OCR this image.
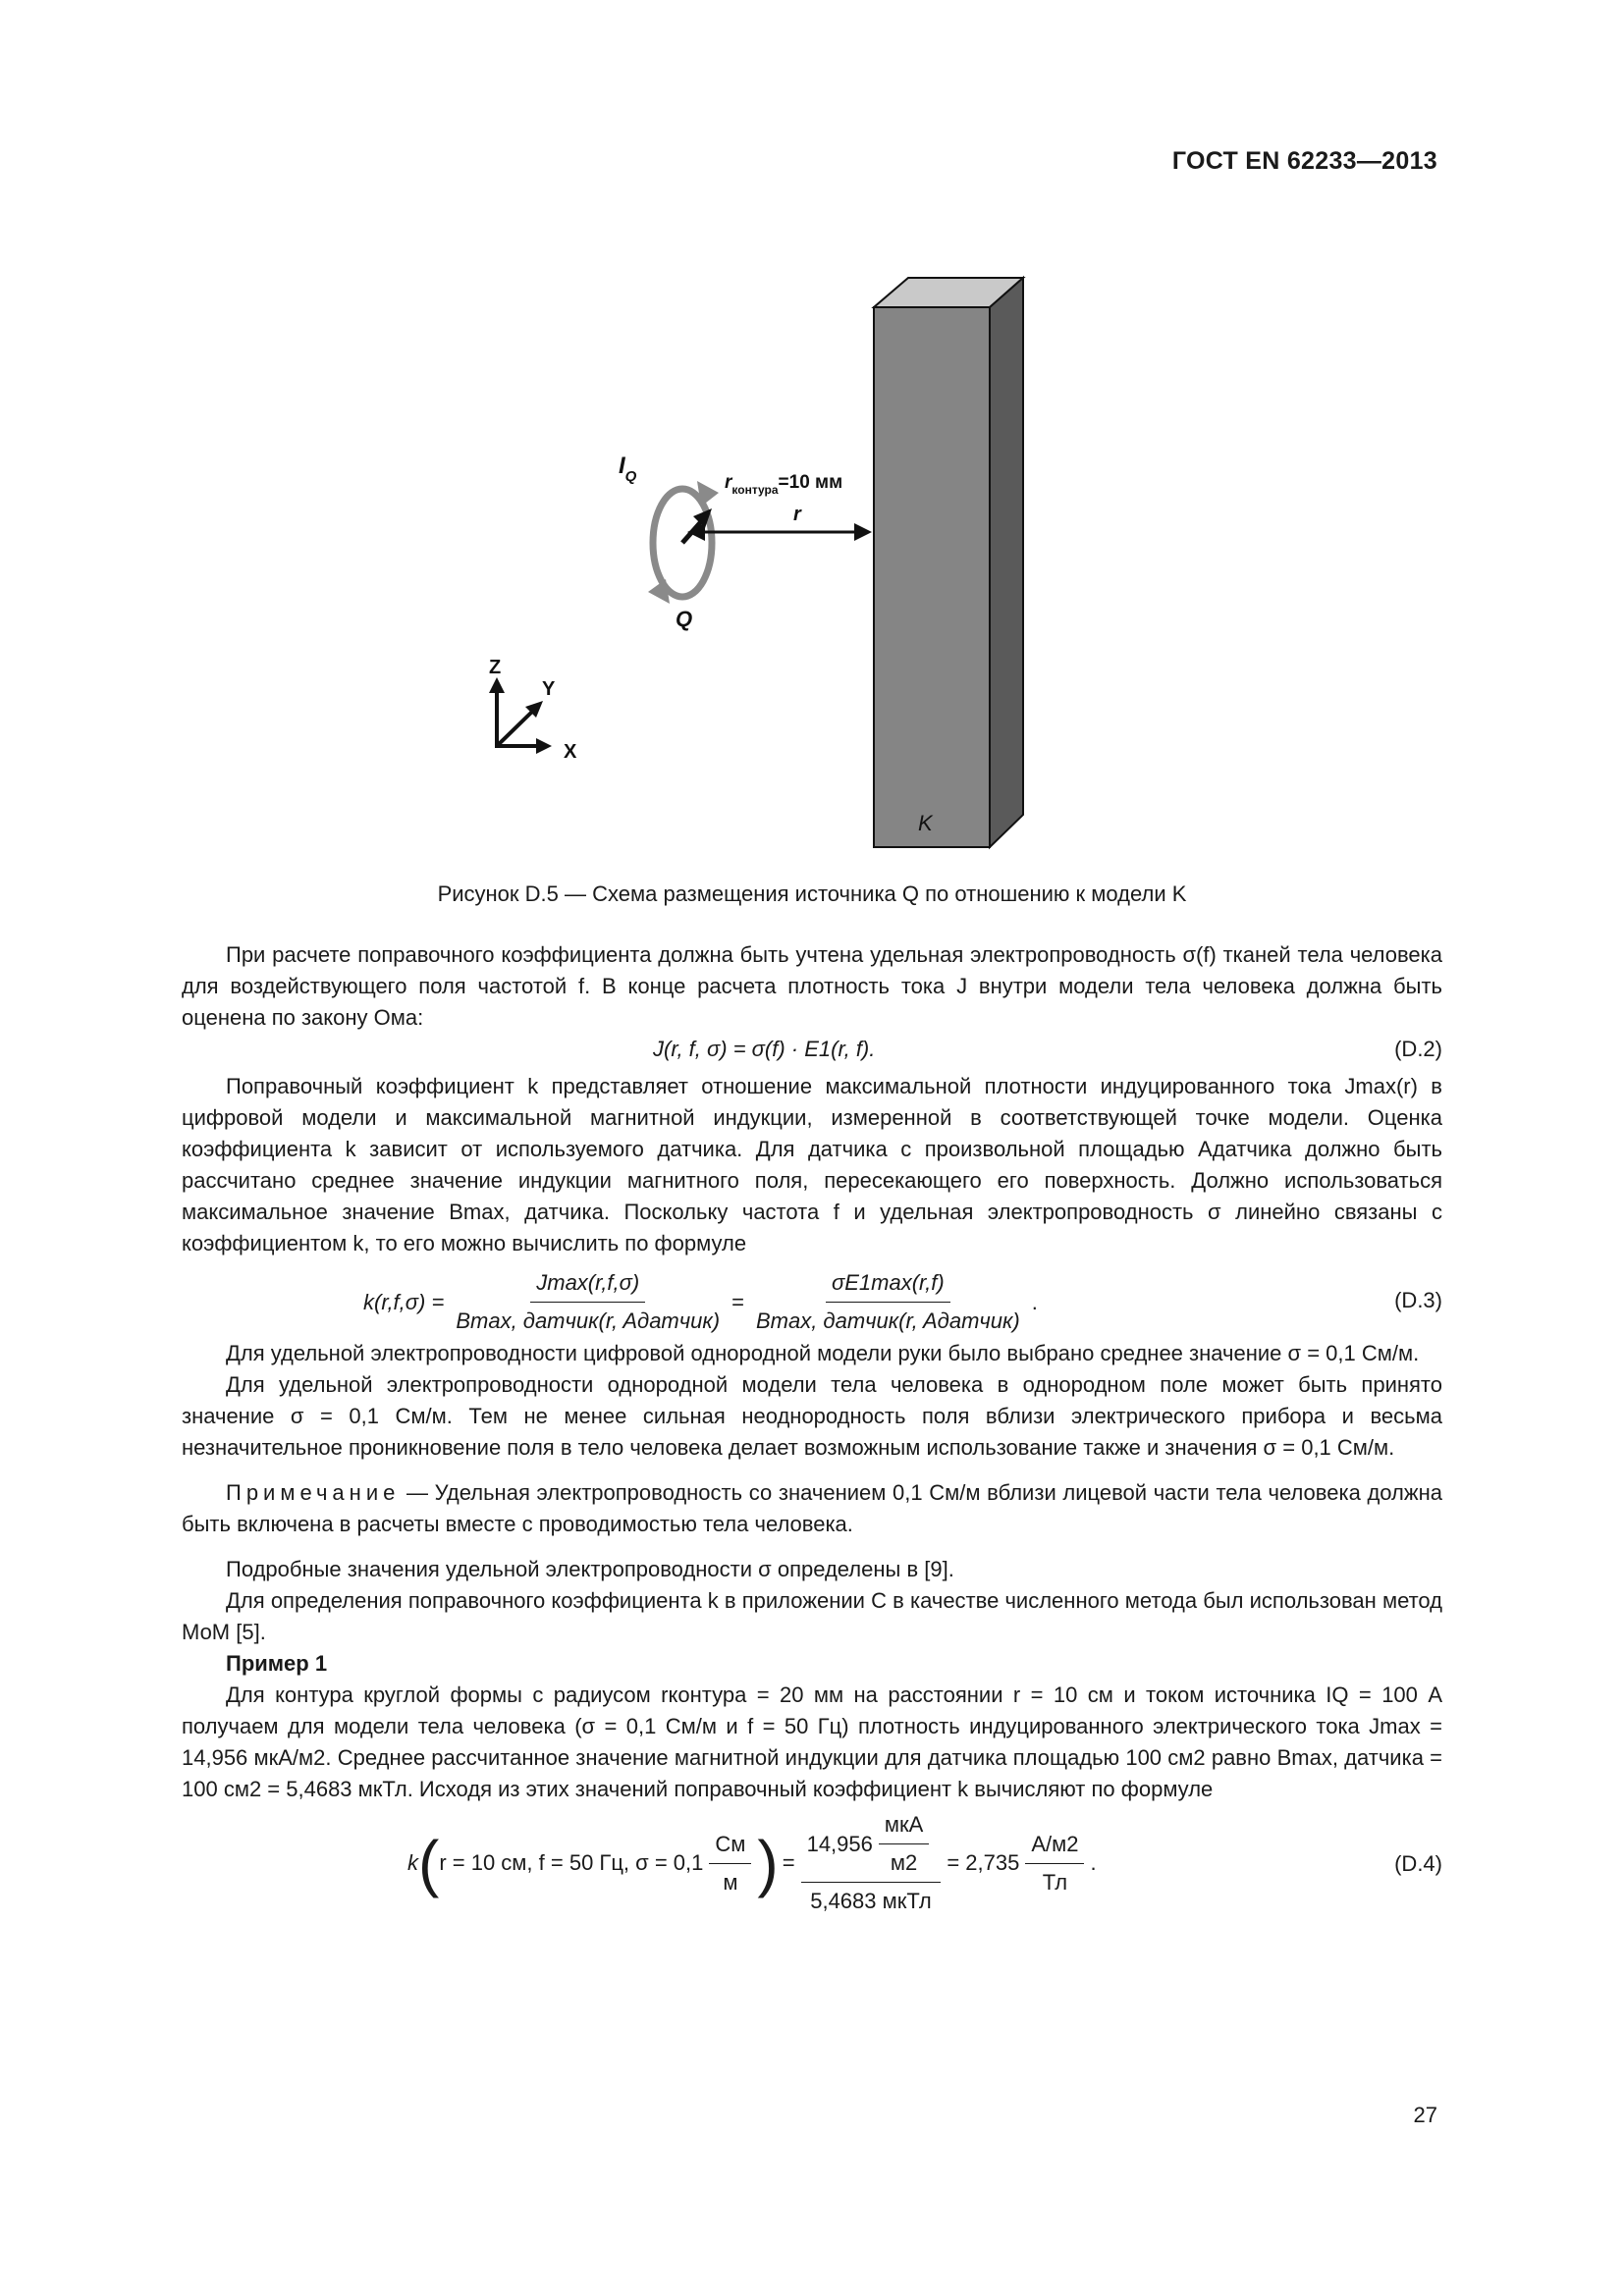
ГОСТ EN 62233—2013
K
$I_Q$	$r_{контура}=10$ мм
r
Q
Z
Y
X
Рисунок D.5 — Схема размещения источника Q по отношению к модели K

При расчете поправочного коэффициента должна быть учтена удельная электропроводность σ(f) тканей тела человека для воздействующего поля частотой f. В конце расчета плотность тока J внутри модели тела человека должна быть оценена по закону Ома:

J(r, f, σ) = σ(f) · E1(r, f).	(D.2)

Поправочный коэффициент k представляет отношение максимальной плотности индуцированного тока Jmax(r) в цифровой модели и максимальной магнитной индукции, измеренной в соответствующей точке модели. Оценка коэффициента k зависит от используемого датчика. Для датчика с произвольной площадью Aдатчика должно быть рассчитано среднее значение индукции магнитного поля, пересекающего его поверхность. Должно использоваться максимальное значение Bmax, датчика. Поскольку частота f и удельная электропроводность σ линейно связаны с коэффициентом k, то его можно вычислить по формуле

$k(r,f,\sigma) = \frac{Jmax(r,f,\sigma)}{\text{Bmax, датчик(r, Aдатчик)}} = \frac{\sigma E1\max(r,f)}{\text{Bmax, датчик(r, Aдатчик)}}$ .	(D.3)

Для удельной электропроводности цифровой однородной модели руки было выбрано среднее значение σ = 0,1 См/м.

Для удельной электропроводности однородной модели тела человека в однородном поле может быть принято значение σ = 0,1 См/м. Тем не менее сильная неоднородность поля вблизи электрического прибора и весьма незначительное проникновение поля в тело человека делает возможным использование также и значения σ = 0,1 См/м.

Примечание — Удельная электропроводность со значением 0,1 См/м вблизи лицевой части тела человека должна быть включена в расчеты вместе с проводимостью тела человека.

Подробные значения удельной электропроводности σ определены в [9].

Для определения поправочного коэффициента k в приложении С в качестве численного метода был использован метод МоМ [5].

Пример 1

Для контура круглой формы с радиусом rконтура = 20 мм на расстоянии r = 10 см и током источника IQ = 100 А получаем для модели тела человека (σ = 0,1 См/м и f = 50 Гц) плотность индуцированного электрического тока Jmax = 14,956 мкА/м2. Среднее рассчитанное значение магнитной индукции для датчика площадью 100 см2 равно Bmax, датчика = 100 см2 = 5,4683 мкТл. Исходя из этих значений поправочный коэффициент k вычисляют по формуле

k ( r = 10 см, f = 50 Гц, $\sigma = 0,1 \frac{См}{м}$ ) = $\frac{14,956 \frac{\text{мкА}}{м2}}{\text{5,4683 мкТл}} = 2,735 \frac{А/м2}{Тл}$ .	(D.4)
27
